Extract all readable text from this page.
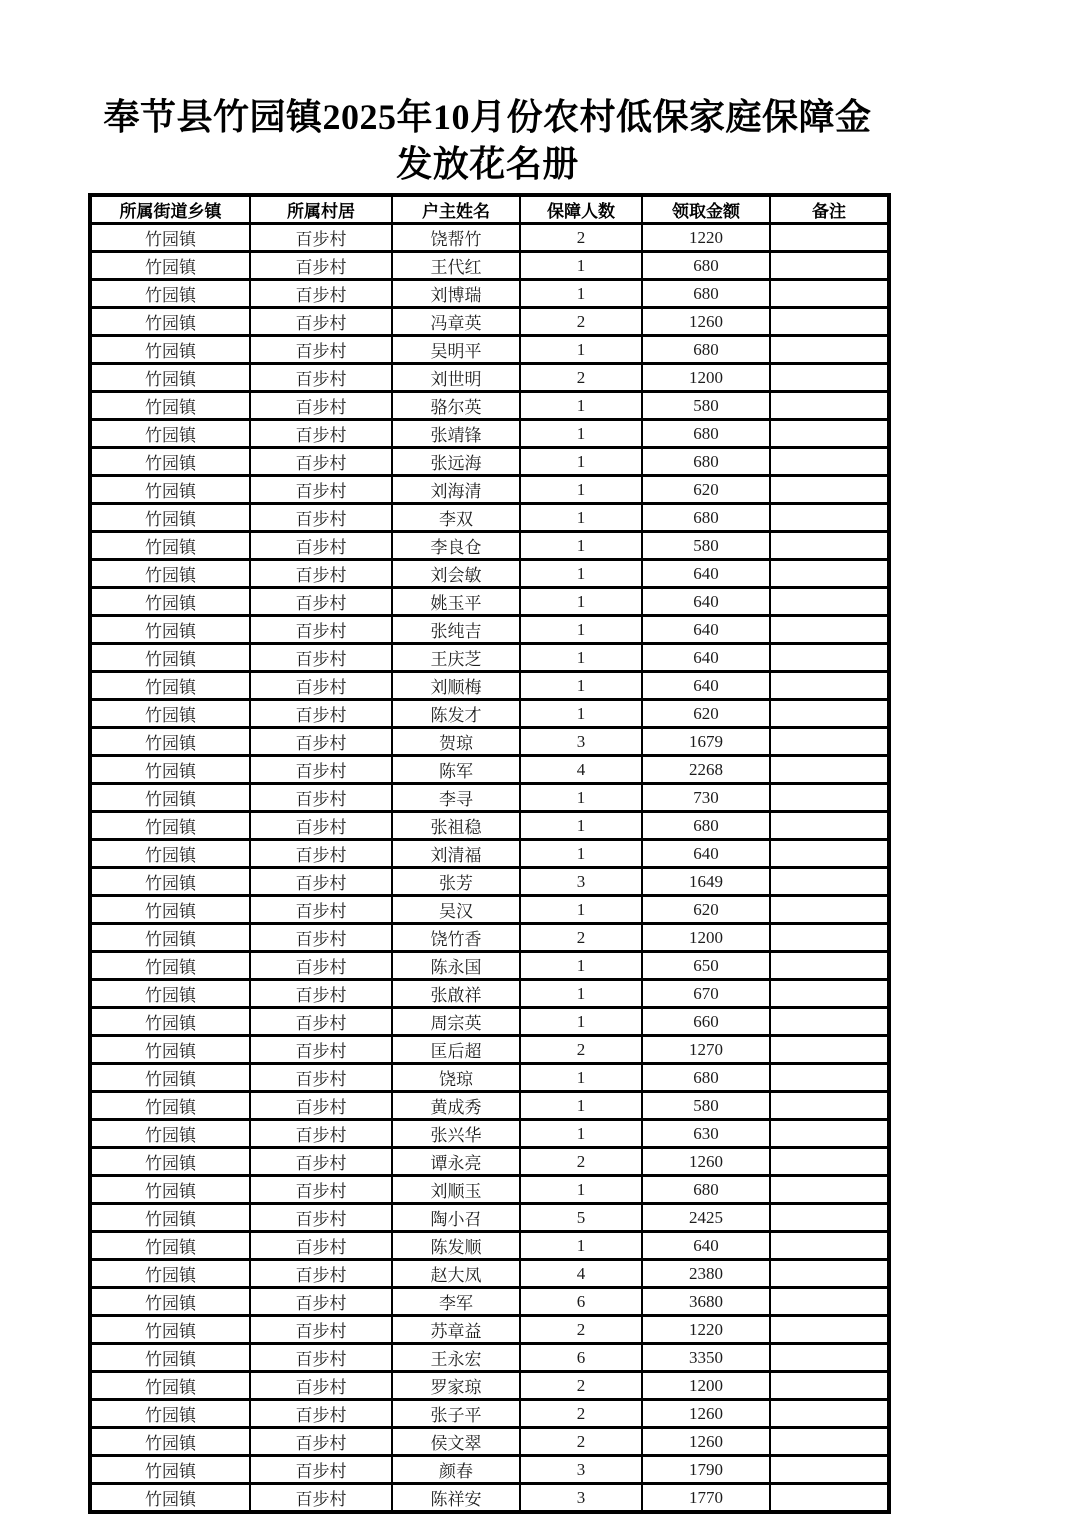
奉节县竹园镇2025年10月份农村低保家庭保障金发放花名册
所属街道乡镇	所属村居	户主姓名	保障人数	领取金额	备注
竹园镇	百步村	饶帮竹	2	1220	
竹园镇	百步村	王代红	1	680	
竹园镇	百步村	刘博瑞	1	680	
竹园镇	百步村	冯章英	2	1260	
竹园镇	百步村	吴明平	1	680	
竹园镇	百步村	刘世明	2	1200	
竹园镇	百步村	骆尔英	1	580	
竹园镇	百步村	张靖锋	1	680	
竹园镇	百步村	张远海	1	680	
竹园镇	百步村	刘海清	1	620	
竹园镇	百步村	李双	1	680	
竹园镇	百步村	李良仓	1	580	
竹园镇	百步村	刘会敏	1	640	
竹园镇	百步村	姚玉平	1	640	
竹园镇	百步村	张纯吉	1	640	
竹园镇	百步村	王庆芝	1	640	
竹园镇	百步村	刘顺梅	1	640	
竹园镇	百步村	陈发才	1	620	
竹园镇	百步村	贺琼	3	1679	
竹园镇	百步村	陈军	4	2268	
竹园镇	百步村	李寻	1	730	
竹园镇	百步村	张祖稳	1	680	
竹园镇	百步村	刘清福	1	640	
竹园镇	百步村	张芳	3	1649	
竹园镇	百步村	吴汉	1	620	
竹园镇	百步村	饶竹香	2	1200	
竹园镇	百步村	陈永国	1	650	
竹园镇	百步村	张啟祥	1	670	
竹园镇	百步村	周宗英	1	660	
竹园镇	百步村	匡后超	2	1270	
竹园镇	百步村	饶琼	1	680	
竹园镇	百步村	黄成秀	1	580	
竹园镇	百步村	张兴华	1	630	
竹园镇	百步村	谭永亮	2	1260	
竹园镇	百步村	刘顺玉	1	680	
竹园镇	百步村	陶小召	5	2425	
竹园镇	百步村	陈发顺	1	640	
竹园镇	百步村	赵大凤	4	2380	
竹园镇	百步村	李军	6	3680	
竹园镇	百步村	苏章益	2	1220	
竹园镇	百步村	王永宏	6	3350	
竹园镇	百步村	罗家琼	2	1200	
竹园镇	百步村	张子平	2	1260	
竹园镇	百步村	侯文翠	2	1260	
竹园镇	百步村	颜春	3	1790	
竹园镇	百步村	陈祥安	3	1770	
